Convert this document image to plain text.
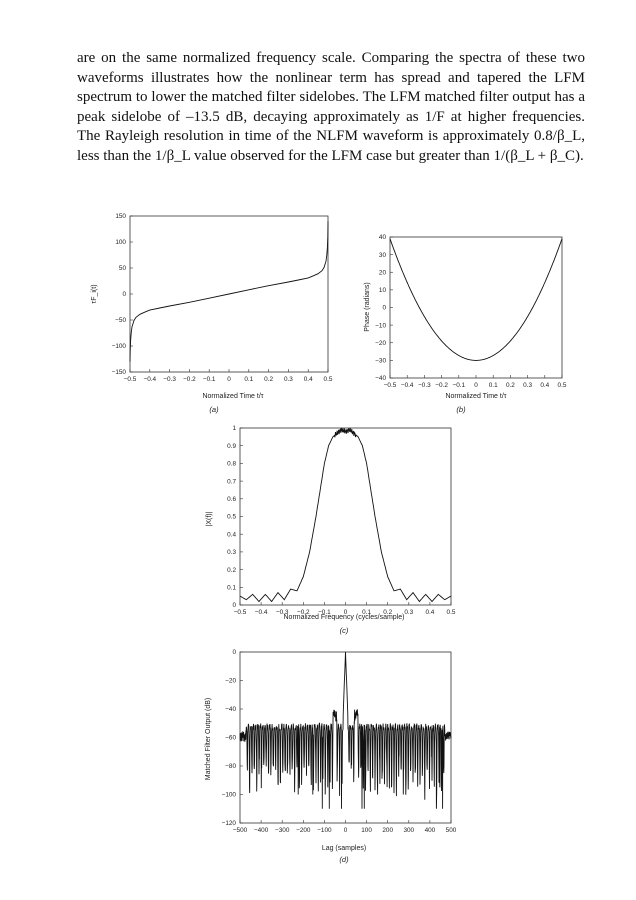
are on the same normalized frequency scale. Comparing the spectra of these two waveforms illustrates how the nonlinear term has spread and tapered the LFM spectrum to lower the matched filter sidelobes. The LFM matched filter output has a peak sidelobe of –13.5 dB, decaying approximately as 1/F at higher frequencies. The Rayleigh resolution in time of the NLFM waveform is approximately 0.8/β_L, less than the 1/β_L value observed for the LFM case but greater than 1/(β_L + β_C).

−0.5 −0.4 −0.3 −0.2 −0.1 0 0.1 0.2 0.3 0.4 0.5
−150
−100
−50
0
50
100
150
Normalized Time t/τ
τF_i(t)
(a)
−0.5 −0.4 −0.3 −0.2 −0.1 0 0.1 0.2 0.3 0.4 0.5
−40
−30
−20
−10
0
10
20
30
40
Normalized Time t/τ
Phase (radians)
(b)
−0.5 −0.4 −0.3 −0.2 −0.1 0 0.1 0.2 0.3 0.4 0.5
0
0.1
0.2
0.3
0.4
0.5
0.6
0.7
0.8
0.9
1
Normalized Frequency (cycles/sample)
|X(f)|
(c)
−500 −400 −300 −200 −100 0 100 200 300 400 500
−120
−100
−80
−60
−40
−20
0
Lag (samples)
Matched Filter Output (dB)
(d)
